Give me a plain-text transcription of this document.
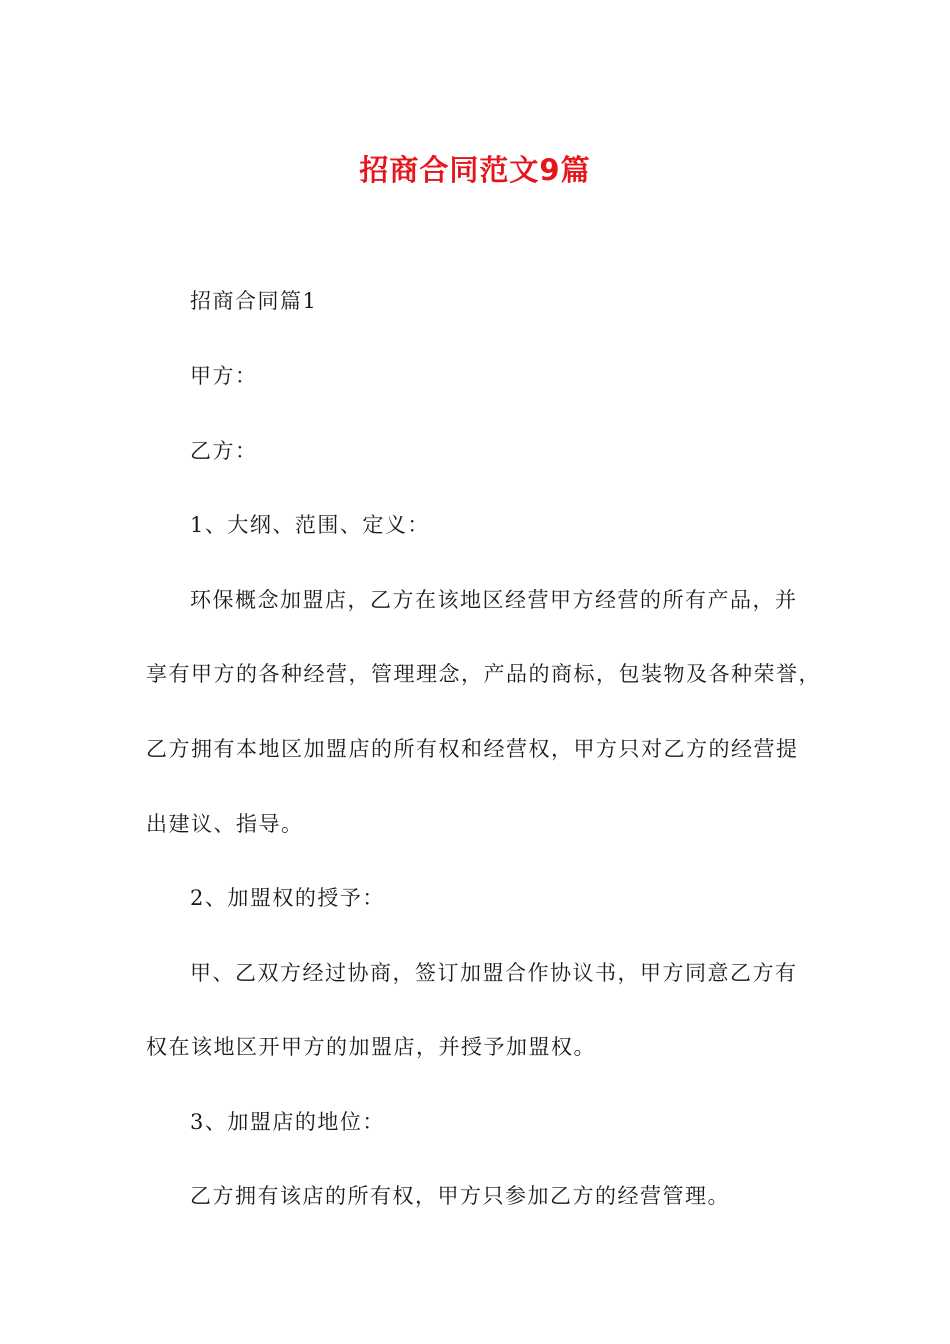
招商合同范文9篇

招商合同篇1

甲方：

乙方：

1、大纲、范围、定义：

环保概念加盟店，乙方在该地区经营甲方经营的所有产品，并

享有甲方的各种经营，管理理念，产品的商标，包装物及各种荣誉，

乙方拥有本地区加盟店的所有权和经营权，甲方只对乙方的经营提

出建议、指导。

2、加盟权的授予：

甲、乙双方经过协商，签订加盟合作协议书，甲方同意乙方有

权在该地区开甲方的加盟店，并授予加盟权。

3、加盟店的地位：

乙方拥有该店的所有权，甲方只参加乙方的经营管理。
